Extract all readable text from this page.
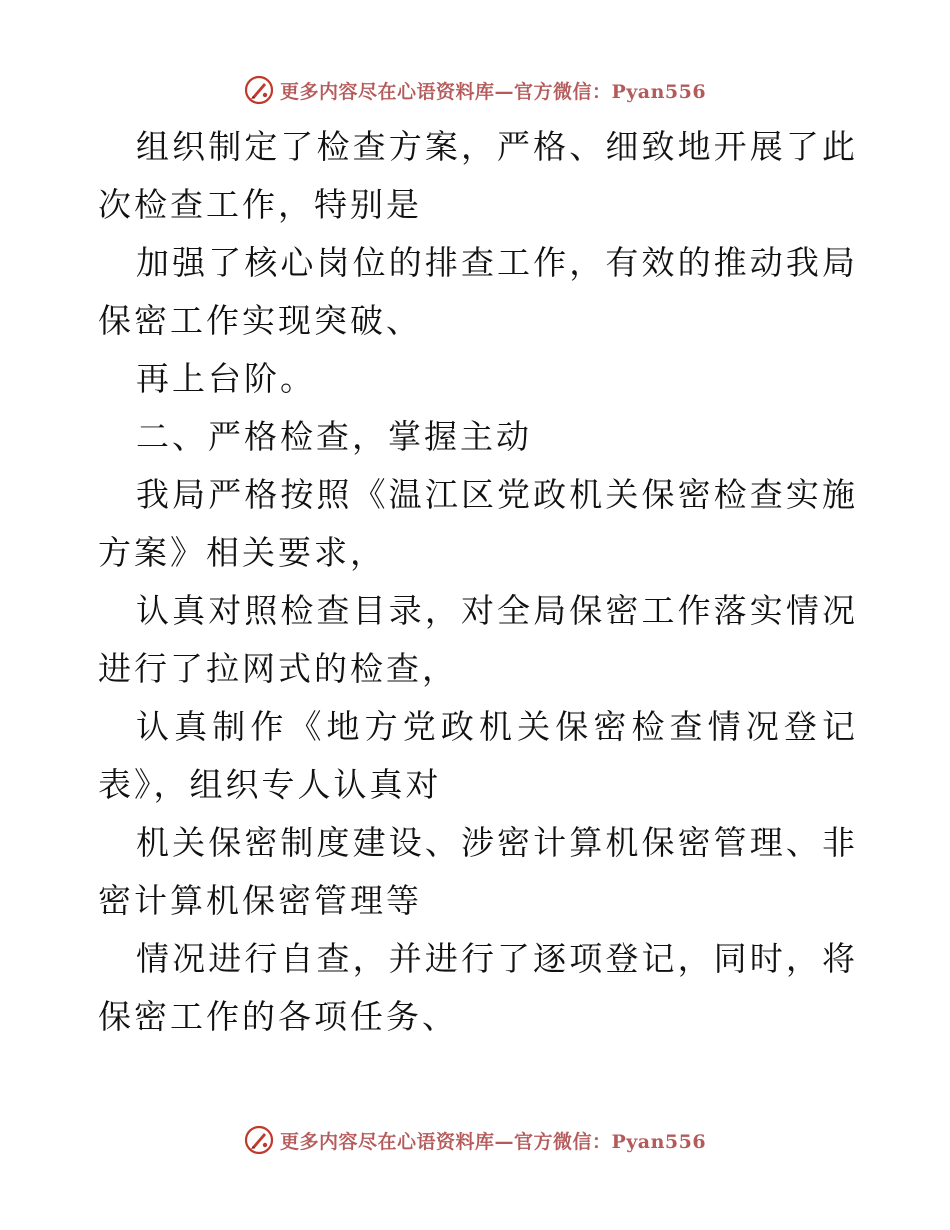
更多内容尽在心语资料库—官方微信：Pyan556

组织制定了检查方案，严格、细致地开展了此次检查工作，特别是

加强了核心岗位的排查工作，有效的推动我局保密工作实现突破、

再上台阶。

二、严格检查，掌握主动

我局严格按照《温江区党政机关保密检查实施方案》相关要求，

认真对照检查目录，对全局保密工作落实情况进行了拉网式的检查，

认真制作《地方党政机关保密检查情况登记表》，组织专人认真对

机关保密制度建设、涉密计算机保密管理、非密计算机保密管理等

情况进行自查，并进行了逐项登记，同时，将保密工作的各项任务、

更多内容尽在心语资料库—官方微信：Pyan556
